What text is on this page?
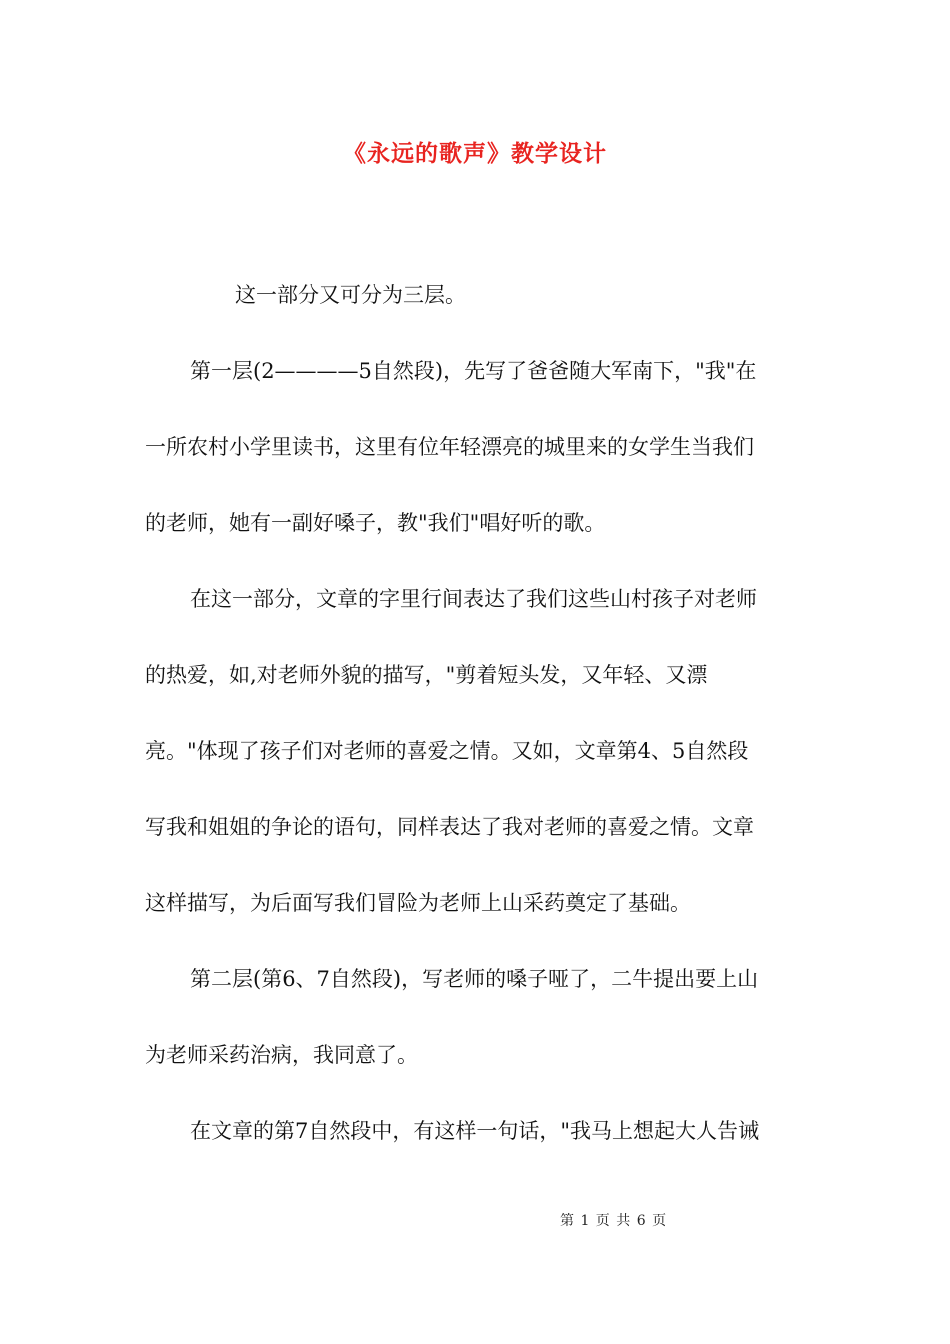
《永远的歌声》教学设计
这一部分又可分为三层。
第一层(2————5自然段)，先写了爸爸随大军南下，"我"在
一所农村小学里读书，这里有位年轻漂亮的城里来的女学生当我们
的老师，她有一副好嗓子，教"我们"唱好听的歌。
在这一部分，文章的字里行间表达了我们这些山村孩子对老师
的热爱，如,对老师外貌的描写，"剪着短头发，又年轻、又漂
亮。"体现了孩子们对老师的喜爱之情。又如，文章第4、5自然段
写我和姐姐的争论的语句，同样表达了我对老师的喜爱之情。文章
这样描写，为后面写我们冒险为老师上山采药奠定了基础。
第二层(第6、7自然段)，写老师的嗓子哑了，二牛提出要上山
为老师采药治病，我同意了。
在文章的第7自然段中，有这样一句话，"我马上想起大人告诫
第 1 页 共 6 页
